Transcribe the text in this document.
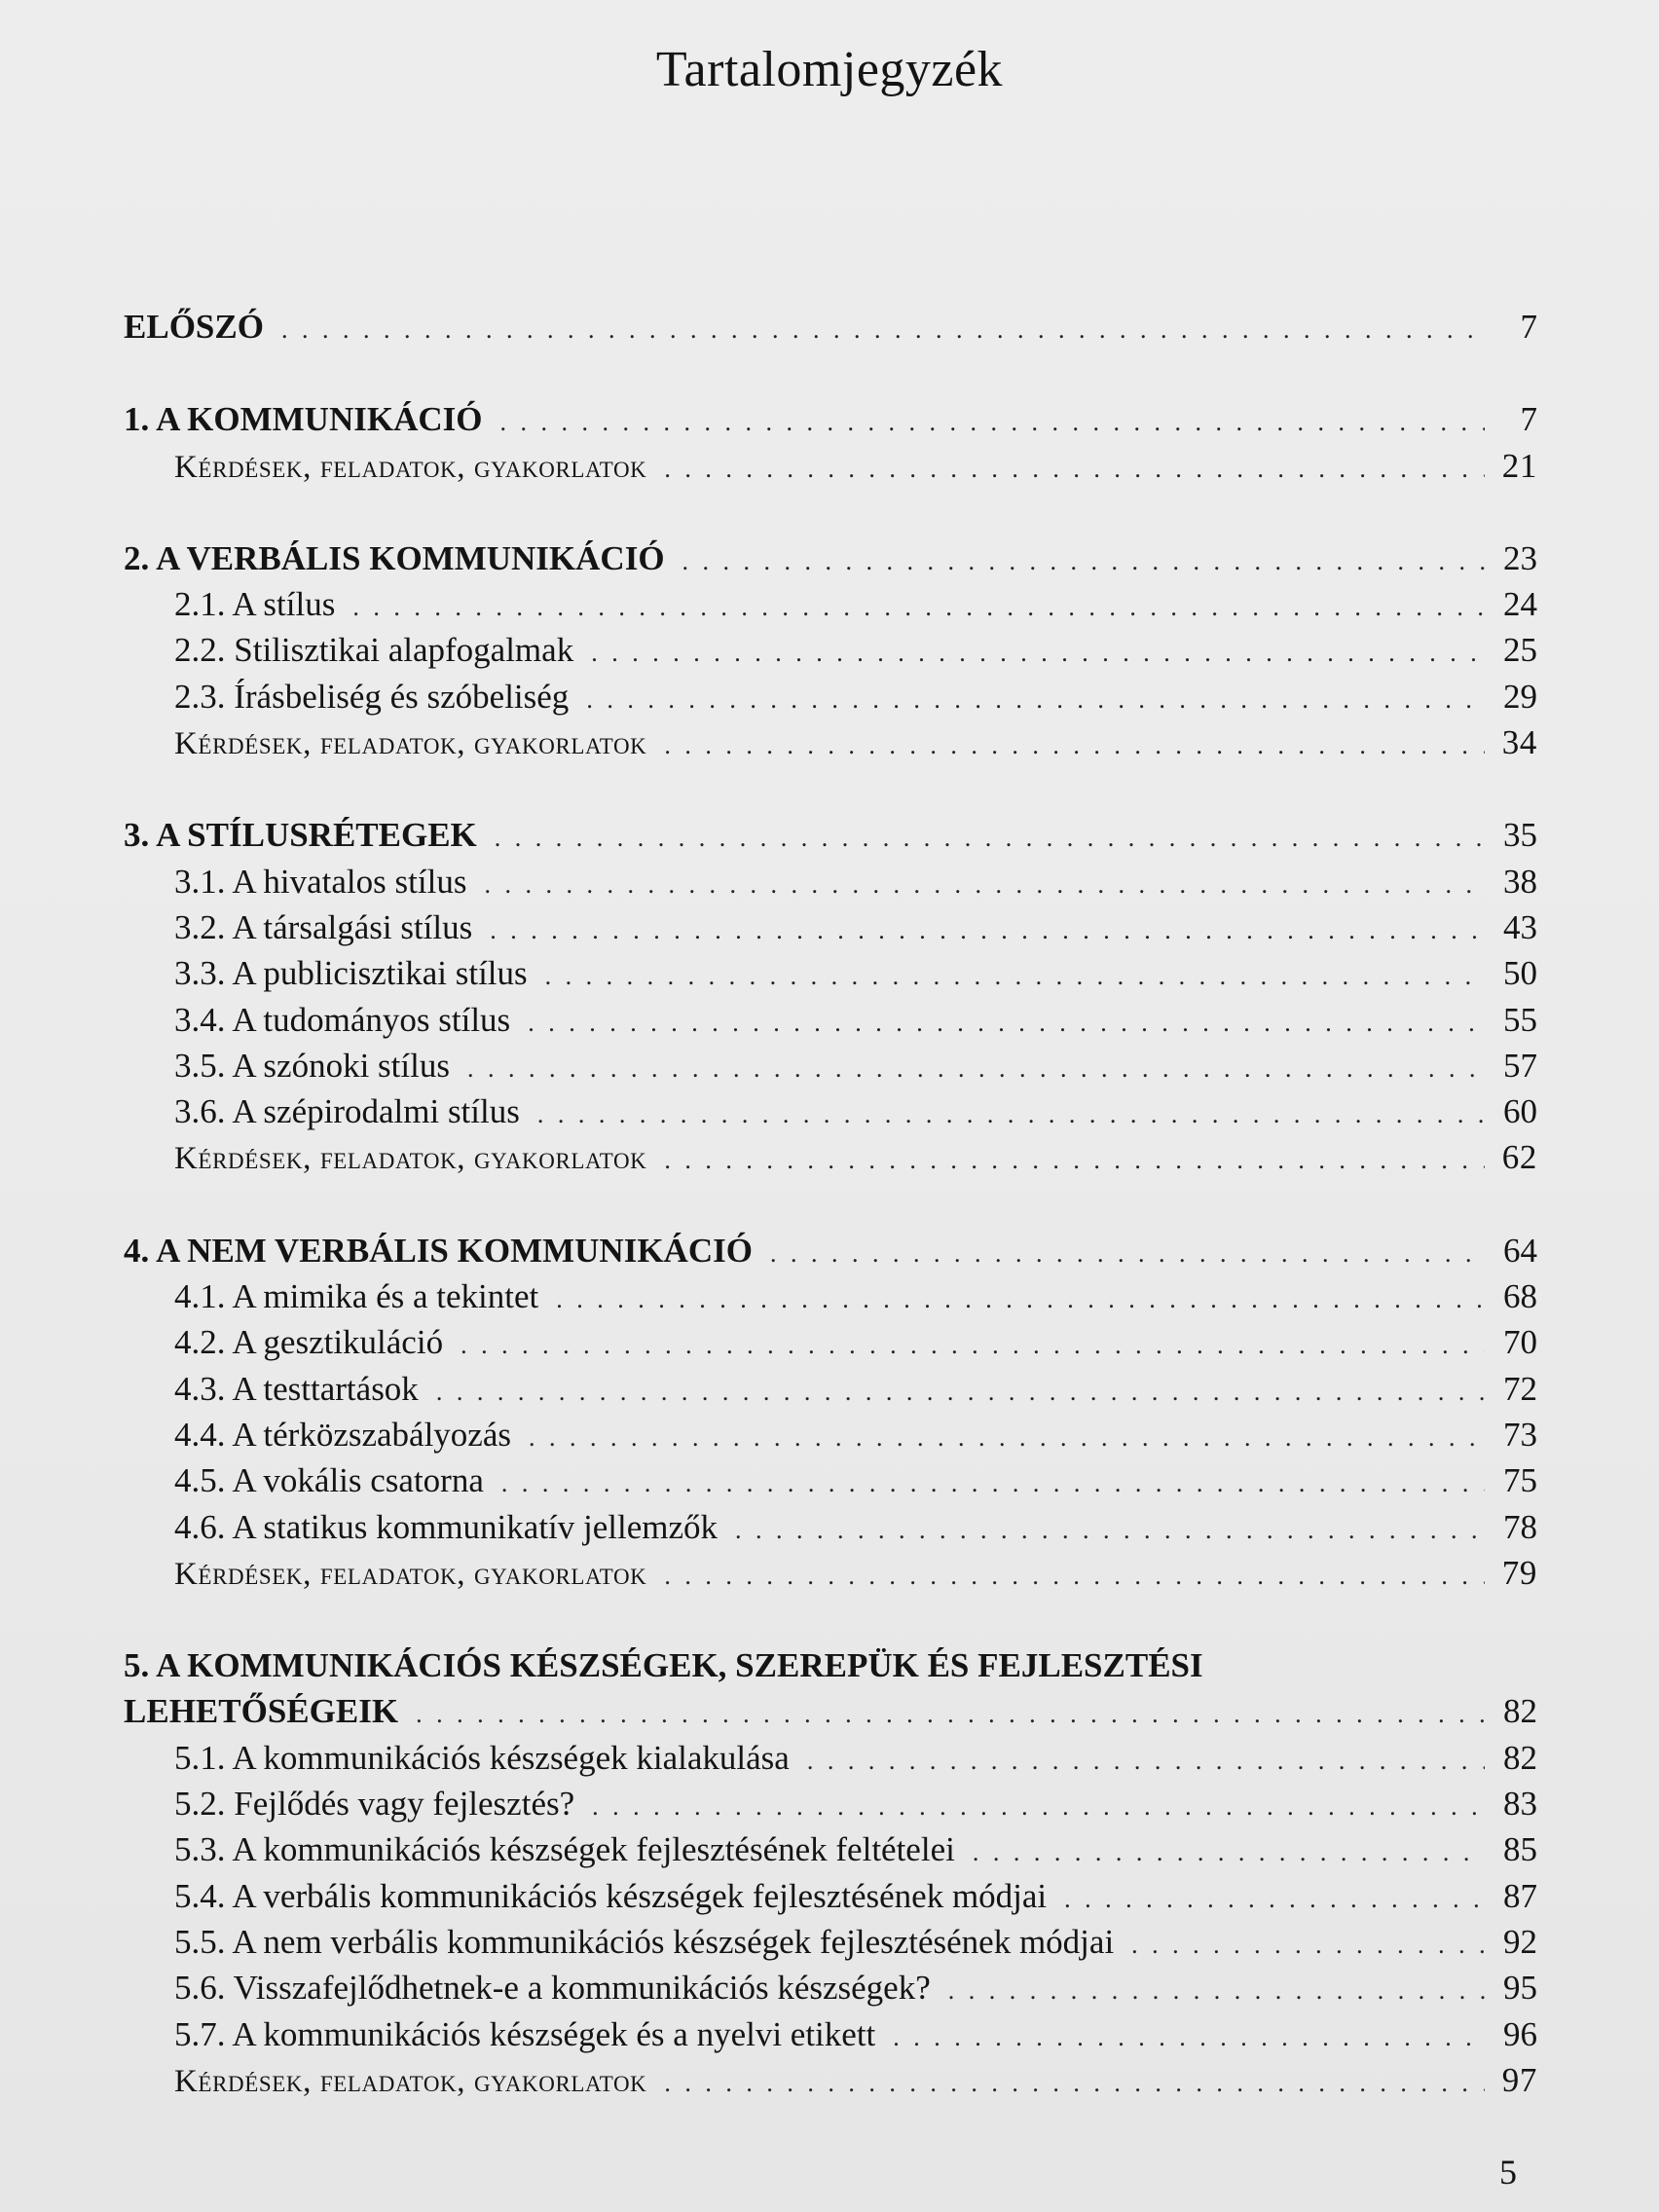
Tartalomjegyzék
ELŐSZÓ . . .	7
1. A KOMMUNIKÁCIÓ . . .	7
Kérdések, feladatok, gyakorlatok . . .	21
2. A VERBÁLIS KOMMUNIKÁCIÓ . . .	23
2.1. A stílus . . .	24
2.2. Stilisztikai alapfogalmak . . .	25
2.3. Írásbeliség és szóbeliség . . .	29
Kérdések, feladatok, gyakorlatok . . .	34
3. A STÍLUSRÉTEGEK . . .	35
3.1. A hivatalos stílus . . .	38
3.2. A társalgási stílus . . .	43
3.3. A publicisztikai stílus . . .	50
3.4. A tudományos stílus . . .	55
3.5. A szónoki stílus . . .	57
3.6. A szépirodalmi stílus . . .	60
Kérdések, feladatok, gyakorlatok . . .	62
4. A NEM VERBÁLIS KOMMUNIKÁCIÓ . . .	64
4.1. A mimika és a tekintet . . .	68
4.2. A gesztikuláció . . .	70
4.3. A testtartások . . .	72
4.4. A térközszabályozás . . .	73
4.5. A vokális csatorna . . .	75
4.6. A statikus kommunikatív jellemzők . . .	78
Kérdések, feladatok, gyakorlatok . . .	79
5. A KOMMUNIKÁCIÓS KÉSZSÉGEK, SZEREPÜK ÉS FEJLESZTÉSI
LEHETŐSÉGEIK . . .	82
5.1. A kommunikációs készségek kialakulása . . .	82
5.2. Fejlődés vagy fejlesztés? . . .	83
5.3. A kommunikációs készségek fejlesztésének feltételei . . .	85
5.4. A verbális kommunikációs készségek fejlesztésének módjai . . .	87
5.5. A nem verbális kommunikációs készségek fejlesztésének módjai . . .	92
5.6. Visszafejlődhetnek-e a kommunikációs készségek? . . .	95
5.7. A kommunikációs készségek és a nyelvi etikett . . .	96
Kérdések, feladatok, gyakorlatok . . .	97
5
